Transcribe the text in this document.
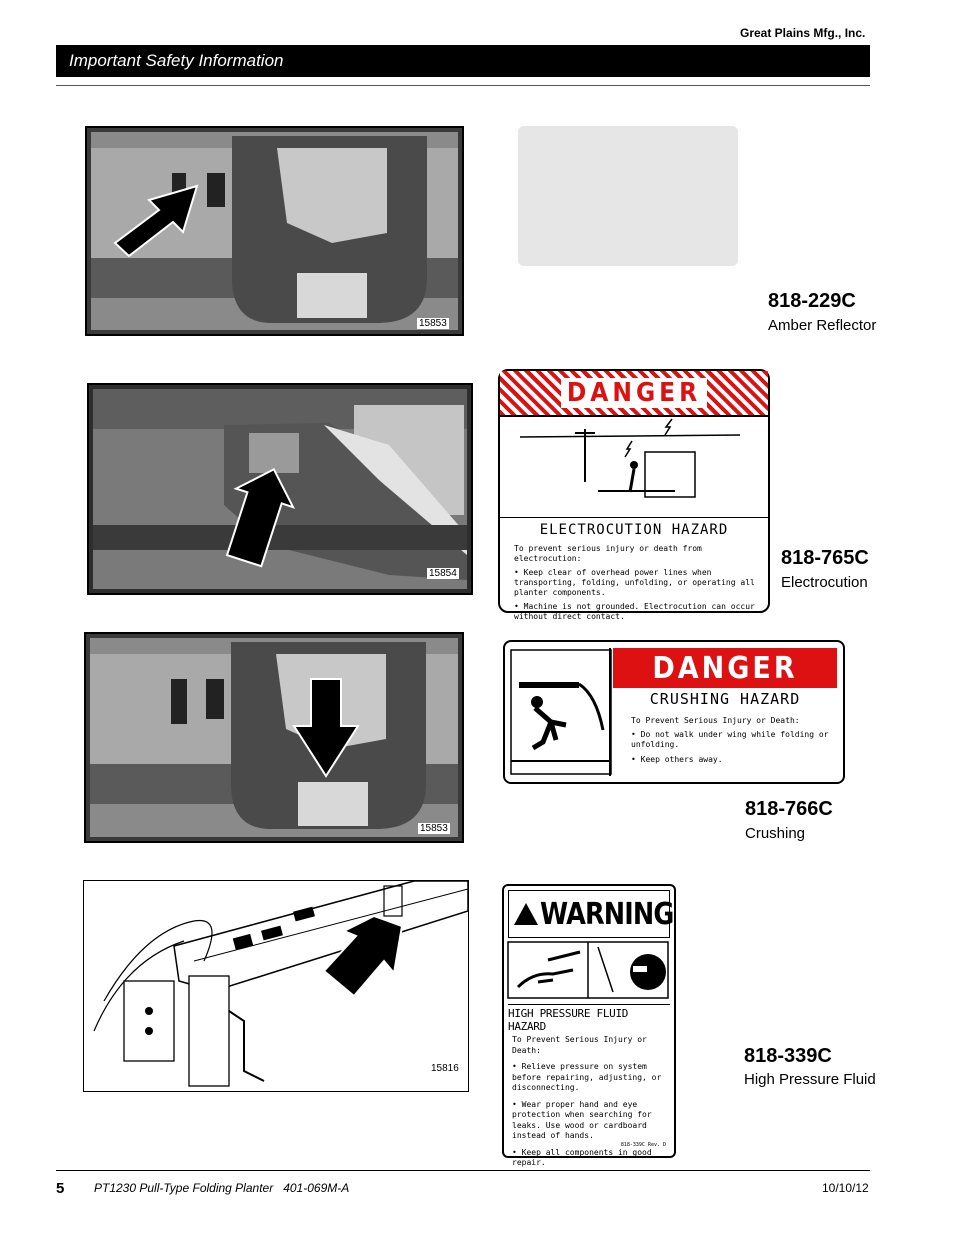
Great Plains Mfg., Inc.
Important Safety Information
15853
818-229C
Amber Reflector
15854
DANGER
ELECTROCUTION HAZARD
To prevent serious injury or death from electrocution:
• Keep clear of overhead power lines when transporting, folding, unfolding, or operating all planter components.
• Machine is not grounded. Electrocution can occur without direct contact.
818-765C
Electrocution
15853
DANGER
CRUSHING HAZARD
To Prevent Serious Injury or Death:
• Do not walk under wing while folding or unfolding.
• Keep others away.
818-766C
Crushing
15816
WARNING
HIGH PRESSURE FLUID HAZARD
To Prevent Serious Injury or Death:
• Relieve pressure on system before repairing, adjusting, or disconnecting.
• Wear proper hand and eye protection when searching for leaks. Use wood or cardboard instead of hands.
• Keep all components in good repair.
818-339C Rev. D
818-339C
High Pressure Fluid
5 PT1230 Pull-Type Folding Planter   401-069M-A	10/10/12
